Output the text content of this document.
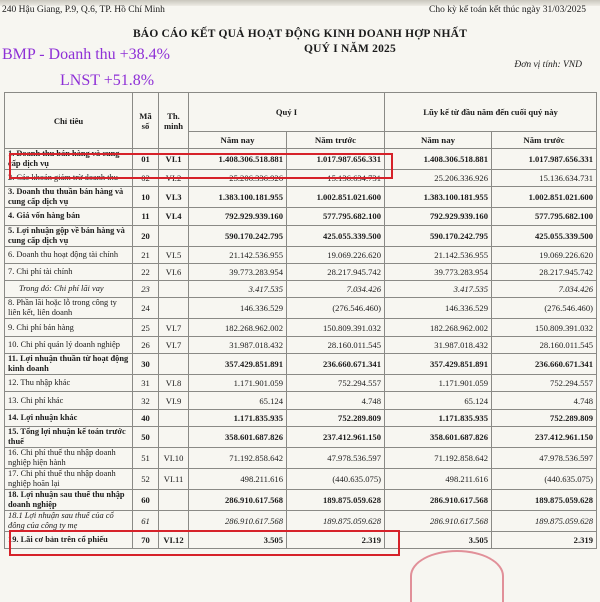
240 Hậu Giang, P.9, Q.6, TP. Hồ Chí Minh	Cho kỳ kế toán kết thúc ngày 31/03/2025
BÁO CÁO KẾT QUẢ HOẠT ĐỘNG KINH DOANH HỢP NHẤT
QUÝ I NĂM 2025
BMP - Doanh thu +38.4%
LNST +51.8%
Đơn vị tính: VND
Chỉ tiêu	Mã số	Th. minh	Quý I		Lũy kế từ đầu năm đến cuối quý này	
			Năm nay	Năm trước	Năm nay	Năm trước
1. Doanh thu bán hàng và cung cấp dịch vụ	01	VI.1	1.408.306.518.881	1.017.987.656.331	1.408.306.518.881	1.017.987.656.331
2. Các khoản giảm trừ doanh thu	02	VI.2	25.206.336.926	15.136.634.731	25.206.336.926	15.136.634.731
3. Doanh thu thuần bán hàng và cung cấp dịch vụ	10	VI.3	1.383.100.181.955	1.002.851.021.600	1.383.100.181.955	1.002.851.021.600
4. Giá vốn hàng bán	11	VI.4	792.929.939.160	577.795.682.100	792.929.939.160	577.795.682.100
5. Lợi nhuận gộp về bán hàng và cung cấp dịch vụ	20		590.170.242.795	425.055.339.500	590.170.242.795	425.055.339.500
6. Doanh thu hoạt động tài chính	21	VI.5	21.142.536.955	19.069.226.620	21.142.536.955	19.069.226.620
7. Chi phí tài chính	22	VI.6	39.773.283.954	28.217.945.742	39.773.283.954	28.217.945.742
Trong đó: Chi phí lãi vay	23		3.417.535	7.034.426	3.417.535	7.034.426
8. Phần lãi hoặc lỗ trong công ty liên kết, liên doanh	24		146.336.529	(276.546.460)	146.336.529	(276.546.460)
9. Chi phí bán hàng	25	VI.7	182.268.962.002	150.809.391.032	182.268.962.002	150.809.391.032
10. Chi phí quản lý doanh nghiệp	26	VI.7	31.987.018.432	28.160.011.545	31.987.018.432	28.160.011.545
11. Lợi nhuận thuần từ hoạt động kinh doanh	30		357.429.851.891	236.660.671.341	357.429.851.891	236.660.671.341
12. Thu nhập khác	31	VI.8	1.171.901.059	752.294.557	1.171.901.059	752.294.557
13. Chi phí khác	32	VI.9	65.124	4.748	65.124	4.748
14. Lợi nhuận khác	40		1.171.835.935	752.289.809	1.171.835.935	752.289.809
15. Tổng lợi nhuận kế toán trước thuế	50		358.601.687.826	237.412.961.150	358.601.687.826	237.412.961.150
16. Chi phí thuế thu nhập doanh nghiệp hiện hành	51	VI.10	71.192.858.642	47.978.536.597	71.192.858.642	47.978.536.597
17. Chi phí thuế thu nhập doanh nghiệp hoãn lại	52	VI.11	498.211.616	(440.635.075)	498.211.616	(440.635.075)
18. Lợi nhuận sau thuế thu nhập doanh nghiệp	60		286.910.617.568	189.875.059.628	286.910.617.568	189.875.059.628
18.1 Lợi nhuận sau thuế của cổ đông của công ty mẹ	61		286.910.617.568	189.875.059.628	286.910.617.568	189.875.059.628
19. Lãi cơ bản trên cổ phiếu	70	VI.12	3.505	2.319	3.505	2.319
